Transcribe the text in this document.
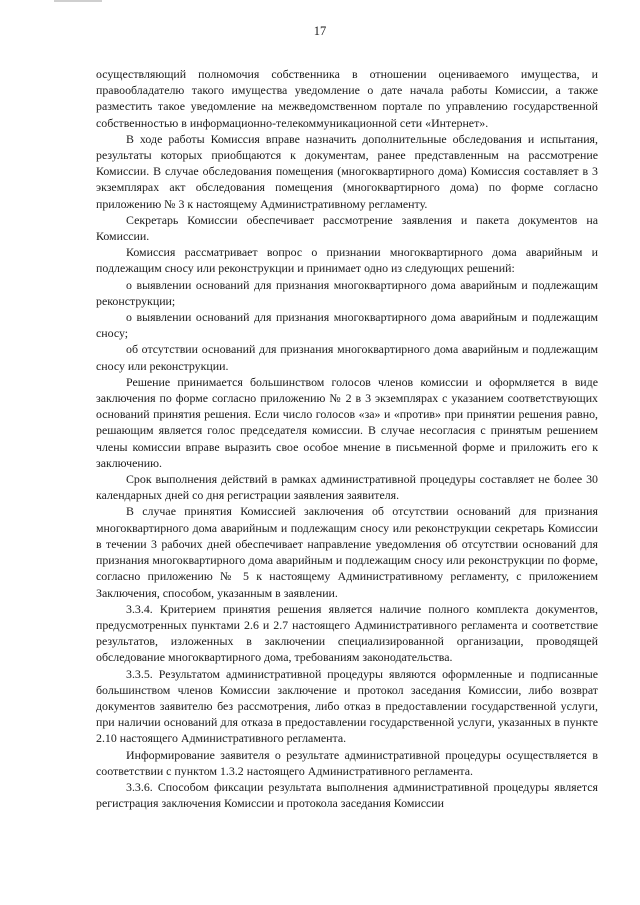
17

осуществляющий полномочия собственника в отношении оцениваемого имущества, и правообладателю такого имущества уведомление о дате начала работы Комиссии, а также разместить такое уведомление на межведомственном портале по управлению государственной собственностью в информационно-телекоммуникационной сети «Интернет».

В ходе работы Комиссия вправе назначить дополнительные обследования и испытания, результаты которых приобщаются к документам, ранее представленным на рассмотрение Комиссии. В случае обследования помещения (многоквартирного дома) Комиссия составляет в 3 экземплярах акт обследования помещения (многоквартирного дома) по форме согласно приложению № 3 к настоящему Административному регламенту.

Секретарь Комиссии обеспечивает рассмотрение заявления и пакета документов на Комиссии.

Комиссия рассматривает вопрос о признании многоквартирного дома аварийным и подлежащим сносу или реконструкции и принимает одно из следующих решений:

о выявлении оснований для признания многоквартирного дома аварийным и подлежащим реконструкции;

о выявлении оснований для признания многоквартирного дома аварийным и подлежащим сносу;

об отсутствии оснований для признания многоквартирного дома аварийным и подлежащим сносу или реконструкции.

Решение принимается большинством голосов членов комиссии и оформляется в виде заключения по форме согласно приложению № 2 в 3 экземплярах с указанием соответствующих оснований принятия решения. Если число голосов «за» и «против» при принятии решения равно, решающим является голос председателя комиссии. В случае несогласия с принятым решением члены комиссии вправе выразить свое особое мнение в письменной форме и приложить его к заключению.

Срок выполнения действий в рамках административной процедуры составляет не более 30 календарных дней со дня регистрации заявления заявителя.

В случае принятия Комиссией заключения об отсутствии оснований для признания многоквартирного дома аварийным и подлежащим сносу или реконструкции секретарь Комиссии в течении 3 рабочих дней обеспечивает направление уведомления об отсутствии оснований для признания многоквартирного дома аварийным и подлежащим сносу или реконструкции по форме, согласно приложению № 5 к настоящему Административному регламенту, с приложением Заключения, способом, указанным в заявлении.

3.3.4. Критерием принятия решения является наличие полного комплекта документов, предусмотренных пунктами 2.6 и 2.7 настоящего Административного регламента и соответствие результатов, изложенных в заключении специализированной организации, проводящей обследование многоквартирного дома, требованиям законодательства.

3.3.5. Результатом административной процедуры являются оформленные и подписанные большинством членов Комиссии заключение и протокол заседания Комиссии, либо возврат документов заявителю без рассмотрения, либо отказ в предоставлении государственной услуги, при наличии оснований для отказа в предоставлении государственной услуги, указанных в пункте 2.10 настоящего Административного регламента.

Информирование заявителя о результате административной процедуры осуществляется в соответствии с пунктом 1.3.2 настоящего Административного регламента.

3.3.6. Способом фиксации результата выполнения административной процедуры является регистрация заключения Комиссии и протокола заседания Комиссии
